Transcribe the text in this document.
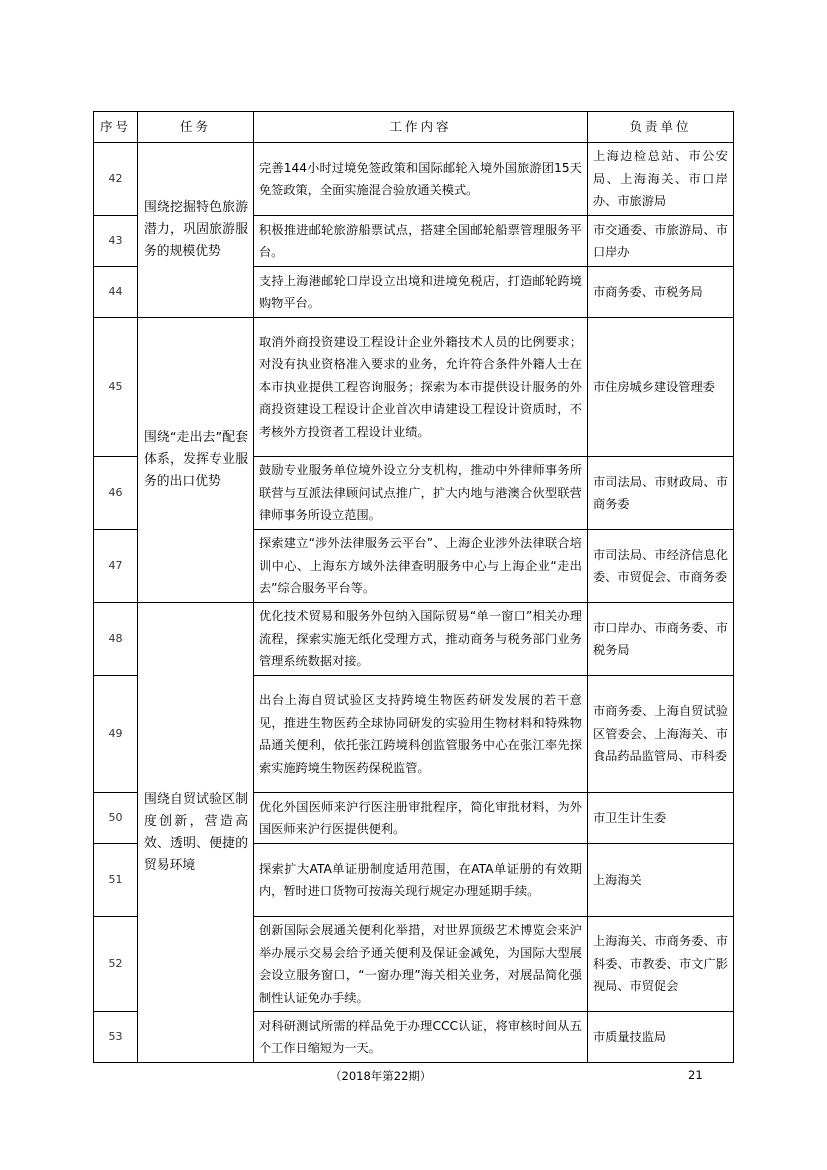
序号	任务	工作内容	负责单位
42	围绕挖掘特色旅游潜力，巩固旅游服务的规模优势	完善144小时过境免签政策和国际邮轮入境外国旅游团15天免签政策，全面实施混合验放通关模式。	上海边检总站、市公安局、上海海关、市口岸办、市旅游局
43		积极推进邮轮旅游船票试点，搭建全国邮轮船票管理服务平台。	市交通委、市旅游局、市口岸办
44		支持上海港邮轮口岸设立出境和进境免税店，打造邮轮跨境购物平台。	市商务委、市税务局
45	围绕“走出去”配套体系，发挥专业服务的出口优势	取消外商投资建设工程设计企业外籍技术人员的比例要求；对没有执业资格准入要求的业务，允许符合条件外籍人士在本市执业提供工程咨询服务；探索为本市提供设计服务的外商投资建设工程设计企业首次申请建设工程设计资质时，不考核外方投资者工程设计业绩。	市住房城乡建设管理委
46		鼓励专业服务单位境外设立分支机构，推动中外律师事务所联营与互派法律顾问试点推广，扩大内地与港澳合伙型联营律师事务所设立范围。	市司法局、市财政局、市商务委
47		探索建立“涉外法律服务云平台”、上海企业涉外法律联合培训中心、上海东方域外法律查明服务中心与上海企业“走出去”综合服务平台等。	市司法局、市经济信息化委、市贸促会、市商务委
48	围绕自贸试验区制度创新，营造高效、透明、便捷的贸易环境	优化技术贸易和服务外包纳入国际贸易“单一窗口”相关办理流程，探索实施无纸化受理方式，推动商务与税务部门业务管理系统数据对接。	市口岸办、市商务委、市税务局
49		出台上海自贸试验区支持跨境生物医药研发发展的若干意见，推进生物医药全球协同研发的实验用生物材料和特殊物品通关便利，依托张江跨境科创监管服务中心在张江率先探索实施跨境生物医药保税监管。	市商务委、上海自贸试验区管委会、上海海关、市食品药品监管局、市科委
50		优化外国医师来沪行医注册审批程序，简化审批材料，为外国医师来沪行医提供便利。	市卫生计生委
51		探索扩大ATA单证册制度适用范围，在ATA单证册的有效期内，暂时进口货物可按海关现行规定办理延期手续。	上海海关
52		创新国际会展通关便利化举措，对世界顶级艺术博览会来沪举办展示交易会给予通关便利及保证金减免，为国际大型展会设立服务窗口，“一窗办理”海关相关业务，对展品简化强制性认证免办手续。	上海海关、市商务委、市科委、市教委、市文广影视局、市贸促会
53		对科研测试所需的样品免于办理CCC认证，将审核时间从五个工作日缩短为一天。	市质量技监局
（2018年第22期）	21
